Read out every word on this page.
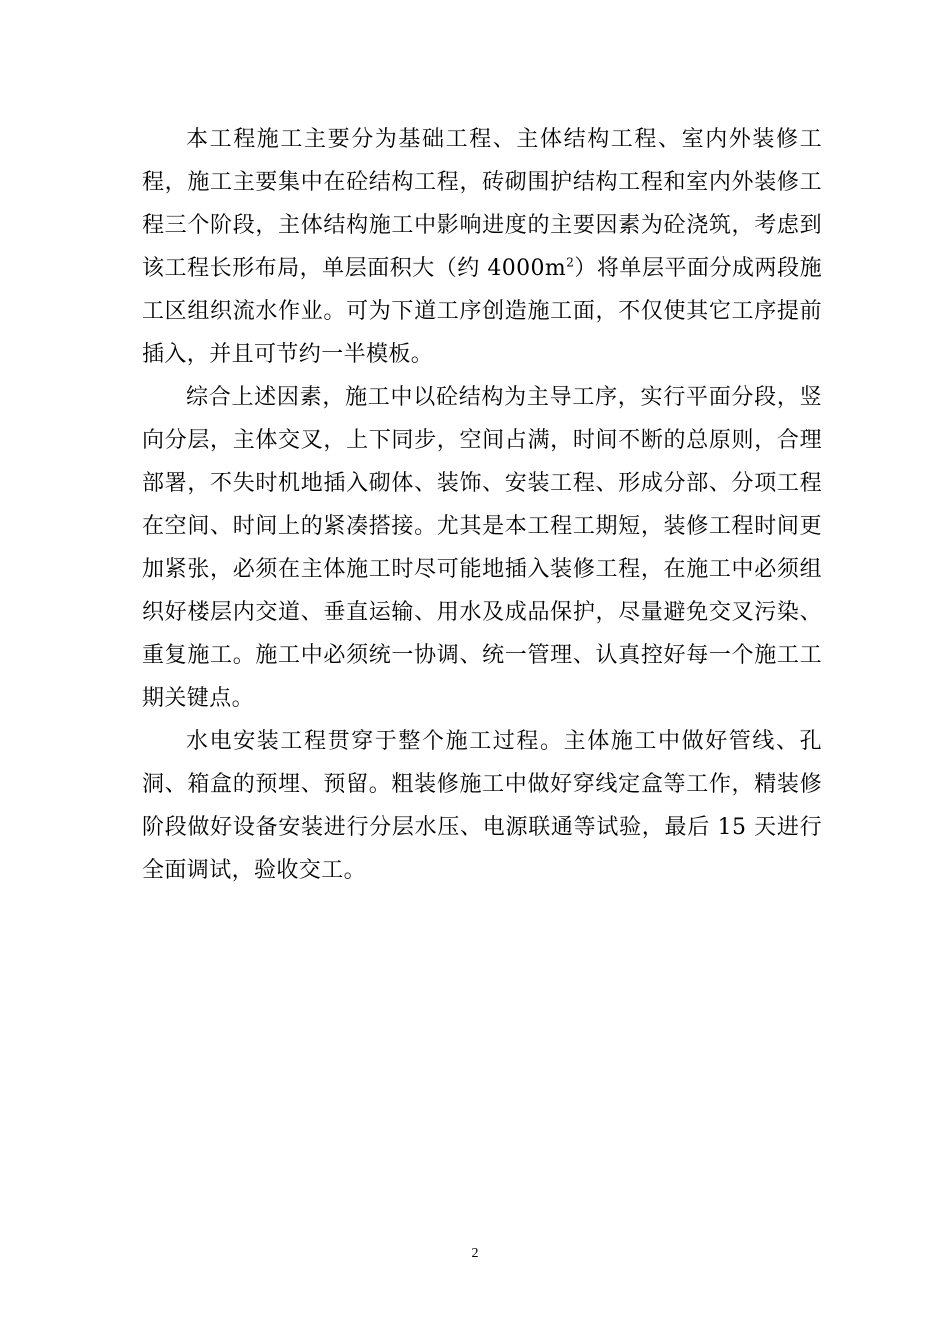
本工程施工主要分为基础工程、主体结构工程、室内外装修工程，施工主要集中在砼结构工程，砖砌围护结构工程和室内外装修工程三个阶段，主体结构施工中影响进度的主要因素为砼浇筑，考虑到该工程长形布局，单层面积大（约 $4000m^2$）将单层平面分成两段施工区组织流水作业。可为下道工序创造施工面，不仅使其它工序提前插入，并且可节约一半模板。

综合上述因素，施工中以砼结构为主导工序，实行平面分段，竖向分层，主体交叉，上下同步，空间占满，时间不断的总原则，合理部署，不失时机地插入砌体、装饰、安装工程、形成分部、分项工程在空间、时间上的紧凑搭接。尤其是本工程工期短，装修工程时间更加紧张，必须在主体施工时尽可能地插入装修工程，在施工中必须组织好楼层内交道、垂直运输、用水及成品保护，尽量避免交叉污染、重复施工。施工中必须统一协调、统一管理、认真控好每一个施工工期关键点。

水电安装工程贯穿于整个施工过程。主体施工中做好管线、孔洞、箱盒的预埋、预留。粗装修施工中做好穿线定盒等工作，精装修阶段做好设备安装进行分层水压、电源联通等试验，最后 15 天进行全面调试，验收交工。

2
